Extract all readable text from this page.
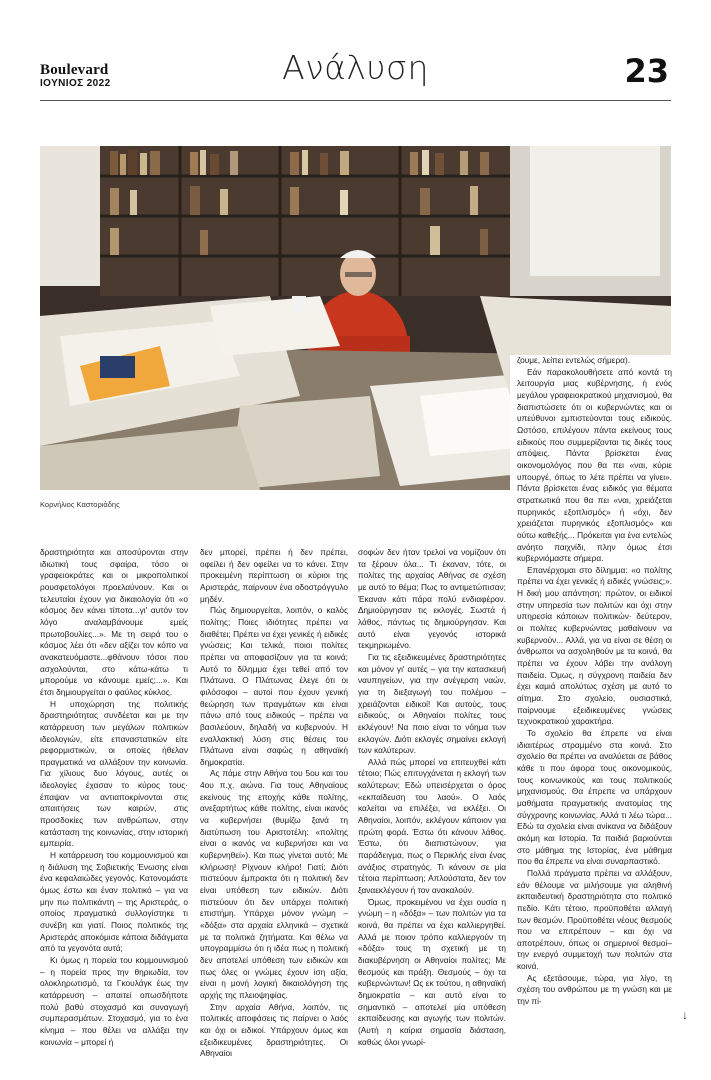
Boulevard
ΙΟΥΝΙΟΣ 2022	Ανάλυση	23
Κορνήλιος Καστοριάδης

δραστηριότητα και αποσύρονται στην ιδιωτική τους σφαίρα, τόσο οι γραφειοκράτες και οι μικροπολιτικοί ρουσφετολόγοι προελαύνουν. Και οι τελευταίοι έχουν για δικαιολογία ότι «ο κόσμος δεν κάνει τίποτα...γι' αυτόν τον λόγο αναλαμβάνουμε εμείς πρωτοβουλίες...». Με τη σειρά του ο κόσμος λέει ότι «δεν αξίζει τον κόπο να ανακατευόμαστε...φθάνουν τόσοι που ασχολούνται, στο κάτω-κάτω τι μπορούμε να κάνουμε εμείς;...». Και έτσι δημιουργείται ο φαύλος κύκλος.

Η υποχώρηση της πολιτικής δραστηριότητας συνδέεται και με την κατάρρευση των μεγάλων πολιτικών ιδεολογιών, είτε επαναστατικών είτε ρεφορμιστικών, οι οποίες ήθελαν πραγματικά να αλλάξουν την κοινωνία. Για χίλιους δυο λόγους, αυτές οι ιδεολογίες έχασαν το κύρος τους· έπαψαν να αντιαποκρίνονται στις απαιτήσεις των καιρών, στις προσδοκίες των ανθρώπων, στην κατάσταση της κοινωνίας, στην ιστορική εμπειρία.

Η κατάρρευση του κομμουνισμού και η διάλυση της Σοβιετικής Ένωσης είναι ένα κεφαλαιώδες γεγονός. Κατονομάστε όμως έστω και έναν πολιτικό – για να μην πω πολιτικάντη – της Αριστεράς, ο οποίος πραγματικά συλλογίστηκε τι συνέβη και γιατί. Ποιος πολιτικός της Αριστεράς αποκόμισε κάποια διδάγματα από τα γεγονότα αυτά;

Κι όμως η πορεία του κομμουνισμού – η πορεία προς την θηριωδία, τον ολοκληρωτισμό, τα Γκουλάγκ έως την κατάρρευση – απαιτεί οπωσδήποτε πολύ βαθύ στοχασμό και συναγωγή συμπερασμάτων. Στοχασμό, για το ένα κίνημα – που θέλει να αλλάξει την κοινωνία – μπορεί ή

δεν μπορεί, πρέπει ή δεν πρέπει, οφείλει ή δεν οφείλει να το κάνει. Στην προκειμένη περίπτωση οι κύριοι της Αριστεράς, παίρνουν ένα οδοστρόγγυλο μηδέν.

Πώς δημιουργείται, λοιπόν, ο καλός πολίτης; Ποιες ιδιότητες πρέπει να διαθέτει; Πρέπει να έχει γενικές ή ειδικές γνώσεις; Και τελικά, ποιοι πολίτες πρέπει να αποφασίζουν για τα κοινά; Αυτό το δίλημμα έχει τεθεί από τον Πλάτωνα. Ο Πλάτωνας έλεγε ότι οι φιλόσοφοι – αυτοί που έχουν γενική θεώρηση των πραγμάτων και είναι πάνω από τους ειδικούς – πρέπει να βασιλεύουν, δηλαδή να κυβερνούν. Η εναλλακτική λύση στις θέσεις του Πλάτωνα είναι σαφώς η αθηναϊκή δημοκρατία.

Ας πάμε στην Αθήνα του 5ου και του 4ου π.χ. αιώνα. Για τους Αθηναίους εκείνους της εποχής κάθε πολίτης, ανεξαρτήτως κάθε πολίτης, είναι ικανός να κυβερνήσει (θυμίζω ξανά τη διατύπωση του Αριστοτέλη: «πολίτης είναι ο ικανός να κυβερνήσει και να κυβερνηθεί»). Και πως γίνεται αυτό; Με κλήρωση! Ρίχνουν κλήρο! Γιατί; Διότι πιστεύουν έμπρακτα ότι η πολιτική δεν είναι υπόθεση των ειδικών. Διότι πιστεύουν ότι δεν υπάρχει πολιτική επιστήμη. Υπάρχει μόνον γνώμη – «δόξα» στα αρχαία ελληνικά – σχετικά με τα πολιτικά ζητήματα. Και θέλω να υπογραμμίσω ότι η ιδέα πως η πολιτική δεν αποτελεί υπόθεση των ειδικών και πως όλες οι γνώμες έχουν ίση αξία, είναι η μονή λογική δικαιολόγηση της αρχής της πλειοψηφίας.

Στην αρχαία Αθήνα, λοιπόν, τις πολιτικές αποφάσεις τις παίρνει ο λαός και όχι οι ειδικοί. Υπάρχουν όμως και εξειδικευμένες δραστηριότητες. Οι Αθηναίοι

σοφών δεν ήταν τρελοί να νομίζουν ότι τα ξέρουν όλα... Τι έκαναν, τότε, οι πολίτες της αρχαίας Αθήνας σε σχέση με αυτό το θέμα; Πως το αντιμετώπισαν; Έκαναν κάτι πάρα πολύ ενδιαφέρον. Δημιούργησαν τις εκλογές. Σωστά ή λάθος, πάντως τις δημιούργησαν. Και αυτό είναι γεγονός ιστορικά τεκμηριωμένο.

Για τις εξειδικευμένες δραστηριότητες και μόνον γι' αυτές – για την κατασκευή ναυπηγείων, για την ανέγερση ναών, για τη διεξαγωγή του πολέμου – χρειάζονται ειδικοί! Και αυτούς, τους ειδικούς, οι Αθηναίοι πολίτες τους εκλέγουν! Να ποιο είναι το νόημα των εκλογών. Διότι εκλογές σημαίνει εκλογή των καλύτερων.

Αλλά πώς μπορεί να επιτευχθεί κάτι τέτοιο; Πώς επιτυγχάνεται η εκλογή των καλύτερων; Εδώ υπεισέρχεται ο όρος «εκπαίδευση του λαού». Ο λαός καλείται να επιλέξει, να εκλέξει. Οι Αθηναίοι, λοιπόν, εκλέγουν κάποιον για πρώτη φορά. Έστω ότι κάνουν λάθος. Έστω, ότι διαπιστώνουν, για παράδειγμα, πως ο Περικλής είναι ένας ανάξιος στρατηγός. Τι κάνουν σε μία τέτοια περίπτωση; Απλούστατα, δεν τον ξαναεκλέγουν ή τον ανακαλούν.

Όμως, προκειμένου να έχει ουσία η γνώμη – η «δόξα» – των πολιτών για τα κοινά, θα πρέπει να έχει καλλιεργηθεί. Αλλά με ποιον τρόπο καλλιεργούν τη «δόξα» τους τη σχετική με τη διακυβέρνηση οι Αθηναίοι πολίτες; Με θεσμούς και πράξη. Θεσμούς – όχι τα κυβερνώντων! Ως εκ τούτου, η αθηναϊκή δημοκρατία – και αυτό είναι το σημαντικό – αποτελεί μία υπόθεση εκπαίδευσης και αγωγής των πολιτών. (Αυτή η καίρια σημασία διάσταση, καθώς όλοι γνωρί-

ζουμε, λείπει εντελώς σήμερα).

Εάν παρακολουθήσετε από κοντά τη λειτουργία μιας κυβέρνησης, ή ενός μεγάλου γραφειοκρατικού μηχανισμού, θα διαπιστώσετε ότι οι κυβερνώντες και οι υπεύθυνοι εμπιστεύονται τους ειδικούς. Ωστόσο, επιλέγουν πάντα εκείνους τους ειδικούς που συμμερίζονται τις δικές τους απόψεις. Πάντα βρίσκεται ένας οικονομολόγος που θα πει «ναι, κύριε υπουργέ, όπως το λέτε πρέπει να γίνει». Πάντα βρίσκεται ένας ειδικός για θέματα στρατιωτικά που θα πει «ναι, χρειάζεται πυρηνικός εξοπλισμός» ή «όχι, δεν χρειάζεται πυρηνικός εξοπλισμός» και ούτω καθεξής... Πρόκειται για ένα εντελώς ανόητο παιχνίδι, πλην όμως έτσι κυβερνιόμαστε σήμερα.

Επανέρχομαι στο δίλημμα: «ο πολίτης πρέπει να έχει γενικές ή ειδικές γνώσεις;». Η δική μου απάντηση: πρώτον, οι ειδικοί στην υπηρεσία των πολιτών και όχι στην υπηρεσία κάποιων πολιτικών· δεύτερον, οι πολίτες κυβερνώντας μαθαίνουν να κυβερνούν... Αλλά, για να είναι σε θέση οι άνθρωποι να ασχοληθούν με τα κοινά, θα πρέπει να έχουν λάβει την ανάλογη παιδεία. Όμως, η σύγχρονη παιδεία δεν έχει καμιά απολύτως σχέση με αυτό το αίτημα. Στο σχολείο, ουσιαστικά, παίρνουμε εξειδικευμένες γνώσεις τεχνοκρατικού χαρακτήρα.

Το σχολείο θα έπρεπε να είναι ιδιαιτέρως στραμμένο στα κοινά. Στο σχολείο θα πρέπει να αναλύεται σε βάθος κάθε τι που άφορα τους οικονομικούς, τους κοινωνικούς και τους πολιτικούς μηχανισμούς. Θα έπρεπε να υπάρχουν μαθήματα πραγματικής ανατομίας της σύγχρονης κοινωνίας. Αλλά τι λέω τώρα... Εδώ τα σχολεία είναι ανίκανα να διδάξουν ακόμη και Ιστορία. Τα παιδιά βαριούνται στο μάθημα της Ιστορίας, ένα μάθημα που θα έπρεπε να είναι συναρπαστικό.

Πολλά πράγματα πρέπει να αλλάξουν, εάν θέλουμε να μιλήσουμε για αληθινή εκπαιδευτική δραστηριότητα στο πολιτικό πεδίο. Κάτι τέτοιο, προϋποθέτει αλλαγή των θεσμών. Προϋποθέτει νέους θεσμούς που να επιτρέπουν – και όχι να αποτρέπουν, όπως οι σημερινοί θεσμοί– την ενεργό συμμετοχή των πολιτών στα κοινά.

Ας εξετάσουμε, τώρα, για λίγο, τη σχέση του ανθρώπου με τη γνώση και με την πί-

↓
